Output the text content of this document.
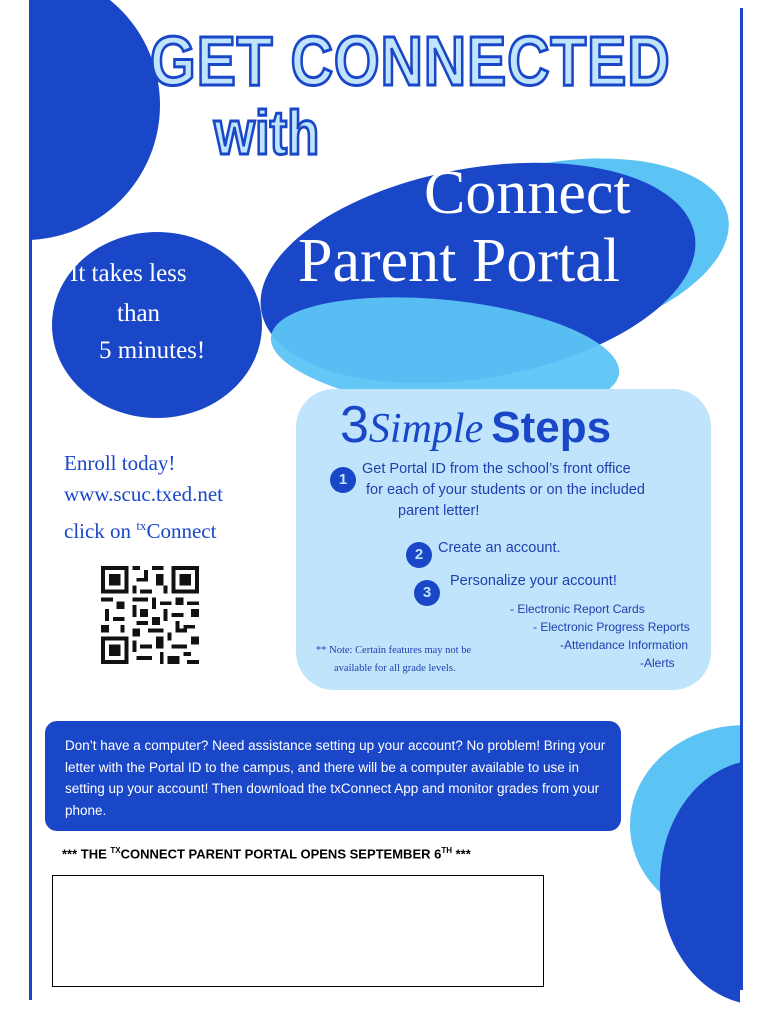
GET CONNECTED
with
tx Connect
Parent Portal
It takes less
than
5 minutes!
Enroll today!
www.scuc.txed.net
click on $^{tx}$Connect
3Simple Steps
1
Get Portal ID from the school’s front office
for each of your students or on the included
parent letter!
2	Create an account.
3
Personalize your account!
- Electronic Report Cards
- Electronic Progress Reports
-Attendance Information
-Alerts
** Note: Certain features may not be
available for all grade levels.
Don’t have a computer? Need assistance setting up your account? No problem! Bring your letter with the Portal ID to the campus, and there will be a computer available to use in setting up your account! Then download the txConnect App and monitor grades from your phone.
*** THE $^{TX}$CONNECT PARENT PORTAL OPENS SEPTEMBER 6TH ***
